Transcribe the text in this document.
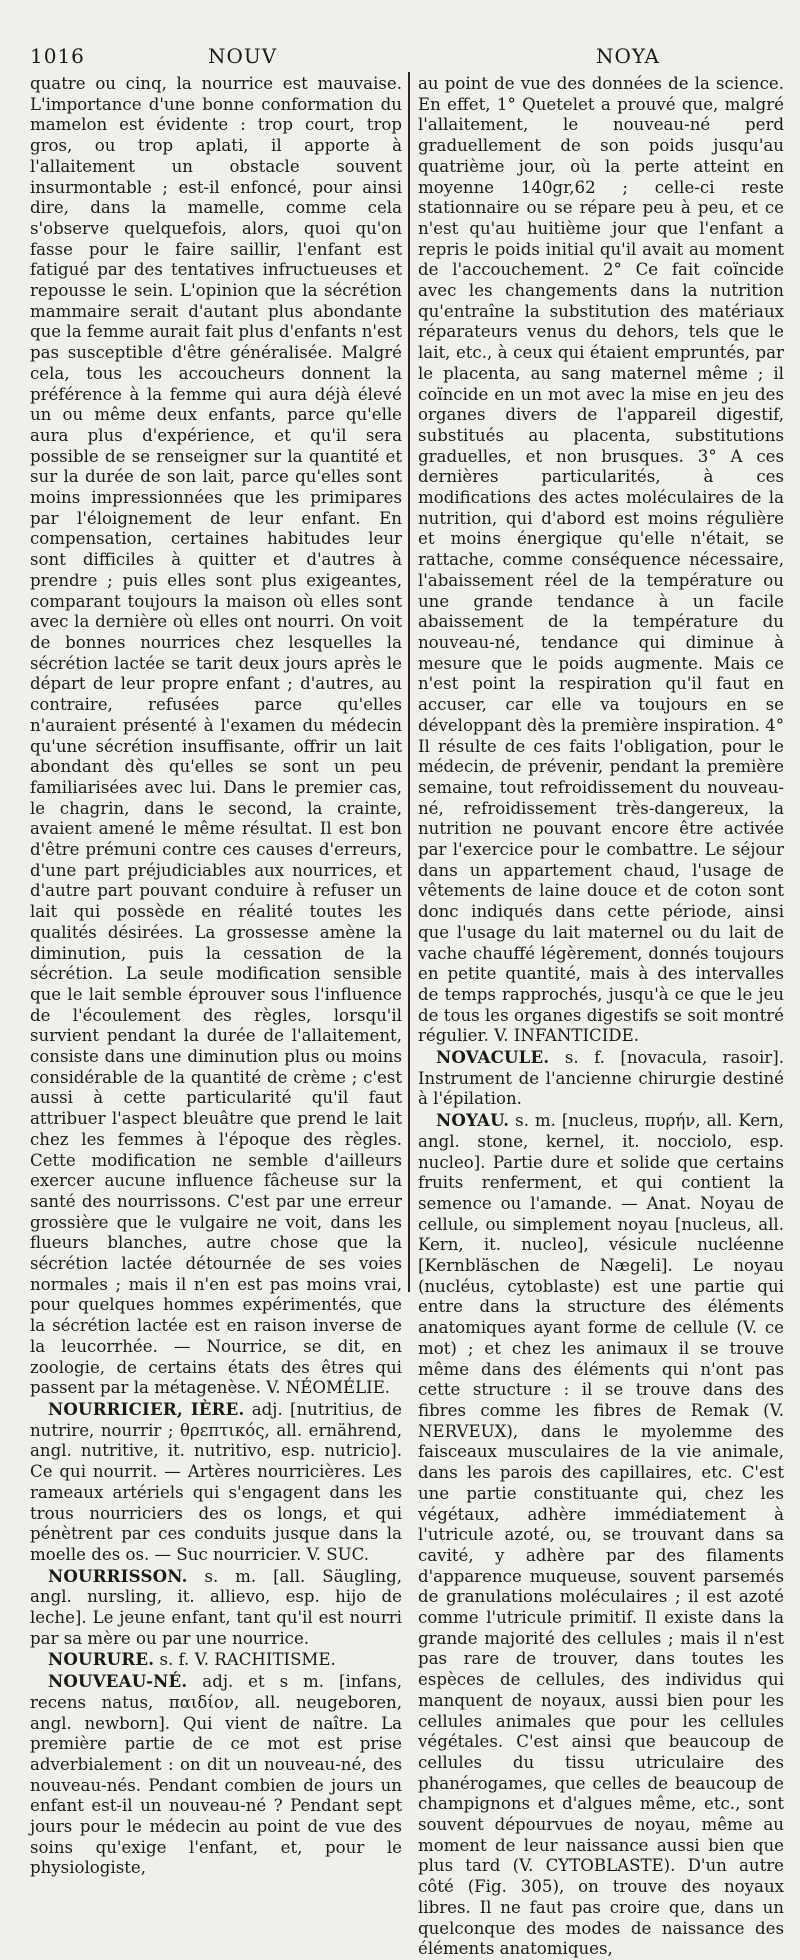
1016	NOUV	NOYA

quatre ou cinq, la nourrice est mauvaise. L'importance d'une bonne conformation du mamelon est évidente : trop court, trop gros, ou trop aplati, il apporte à l'allaitement un obstacle souvent insurmontable ; est-il enfoncé, pour ainsi dire, dans la mamelle, comme cela s'observe quelquefois, alors, quoi qu'on fasse pour le faire saillir, l'enfant est fatigué par des tentatives infructueuses et repousse le sein. L'opinion que la sécrétion mammaire serait d'autant plus abondante que la femme aurait fait plus d'enfants n'est pas susceptible d'être généralisée. Malgré cela, tous les accoucheurs donnent la préférence à la femme qui aura déjà élevé un ou même deux enfants, parce qu'elle aura plus d'expérience, et qu'il sera possible de se renseigner sur la quantité et sur la durée de son lait, parce qu'elles sont moins impressionnées que les primipares par l'éloignement de leur enfant. En compensation, certaines habitudes leur sont difficiles à quitter et d'autres à prendre ; puis elles sont plus exigeantes, comparant toujours la maison où elles sont avec la dernière où elles ont nourri. On voit de bonnes nourrices chez lesquelles la sécrétion lactée se tarit deux jours après le départ de leur propre enfant ; d'autres, au contraire, refusées parce qu'elles n'auraient présenté à l'examen du médecin qu'une sécrétion insuffisante, offrir un lait abondant dès qu'elles se sont un peu familiarisées avec lui. Dans le premier cas, le chagrin, dans le second, la crainte, avaient amené le même résultat. Il est bon d'être prémuni contre ces causes d'erreurs, d'une part préjudiciables aux nourrices, et d'autre part pouvant conduire à refuser un lait qui possède en réalité toutes les qualités désirées. La grossesse amène la diminution, puis la cessation de la sécrétion. La seule modification sensible que le lait semble éprouver sous l'influence de l'écoulement des règles, lorsqu'il survient pendant la durée de l'allaitement, consiste dans une diminution plus ou moins considérable de la quantité de crème ; c'est aussi à cette particularité qu'il faut attribuer l'aspect bleuâtre que prend le lait chez les femmes à l'époque des règles. Cette modification ne semble d'ailleurs exercer aucune influence fâcheuse sur la santé des nourrissons. C'est par une erreur grossière que le vulgaire ne voit, dans les flueurs blanches, autre chose que la sécrétion lactée détournée de ses voies normales ; mais il n'en est pas moins vrai, pour quelques hommes expérimentés, que la sécrétion lactée est en raison inverse de la leucorrhée. — Nourrice, se dit, en zoologie, de certains états des êtres qui passent par la métagenèse. V. NÉOMÉLIE.

NOURRICIER, IÈRE. adj. [nutritius, de nutrire, nourrir ; θρεπτικός, all. ernährend, angl. nutritive, it. nutritivo, esp. nutricio]. Ce qui nourrit. — Artères nourricières. Les rameaux artériels qui s'engagent dans les trous nourriciers des os longs, et qui pénètrent par ces conduits jusque dans la moelle des os. — Suc nourricier. V. SUC.

NOURRISSON. s. m. [all. Säugling, angl. nursling, it. allievo, esp. hijo de leche]. Le jeune enfant, tant qu'il est nourri par sa mère ou par une nourrice.

NOURURE. s. f. V. RACHITISME.

NOUVEAU-NÉ. adj. et s m. [infans, recens natus, παιδίον, all. neugeboren, angl. newborn]. Qui vient de naître. La première partie de ce mot est prise adverbialement : on dit un nouveau-né, des nouveau-nés. Pendant combien de jours un enfant est-il un nouveau-né ? Pendant sept jours pour le médecin au point de vue des soins qu'exige l'enfant, et, pour le physiologiste,

au point de vue des données de la science. En effet, 1° Quetelet a prouvé que, malgré l'allaitement, le nouveau-né perd graduellement de son poids jusqu'au quatrième jour, où la perte atteint en moyenne 140gr,62 ; celle-ci reste stationnaire ou se répare peu à peu, et ce n'est qu'au huitième jour que l'enfant a repris le poids initial qu'il avait au moment de l'accouchement. 2° Ce fait coïncide avec les changements dans la nutrition qu'entraîne la substitution des matériaux réparateurs venus du dehors, tels que le lait, etc., à ceux qui étaient empruntés, par le placenta, au sang maternel même ; il coïncide en un mot avec la mise en jeu des organes divers de l'appareil digestif, substitués au placenta, substitutions graduelles, et non brusques. 3° A ces dernières particularités, à ces modifications des actes moléculaires de la nutrition, qui d'abord est moins régulière et moins énergique qu'elle n'était, se rattache, comme conséquence nécessaire, l'abaissement réel de la température ou une grande tendance à un facile abaissement de la température du nouveau-né, tendance qui diminue à mesure que le poids augmente. Mais ce n'est point la respiration qu'il faut en accuser, car elle va toujours en se développant dès la première inspiration. 4° Il résulte de ces faits l'obligation, pour le médecin, de prévenir, pendant la première semaine, tout refroidissement du nouveau-né, refroidissement très-dangereux, la nutrition ne pouvant encore être activée par l'exercice pour le combattre. Le séjour dans un appartement chaud, l'usage de vêtements de laine douce et de coton sont donc indiqués dans cette période, ainsi que l'usage du lait maternel ou du lait de vache chauffé légèrement, donnés toujours en petite quantité, mais à des intervalles de temps rapprochés, jusqu'à ce que le jeu de tous les organes digestifs se soit montré régulier. V. INFANTICIDE.

NOVACULE. s. f. [novacula, rasoir]. Instrument de l'ancienne chirurgie destiné à l'épilation.

NOYAU. s. m. [nucleus, πυρήν, all. Kern, angl. stone, kernel, it. nocciolo, esp. nucleo]. Partie dure et solide que certains fruits renferment, et qui contient la semence ou l'amande. — Anat. Noyau de cellule, ou simplement noyau [nucleus, all. Kern, it. nucleo], vésicule nucléenne [Kernbläschen de Nægeli]. Le noyau (nucléus, cytoblaste) est une partie qui entre dans la structure des éléments anatomiques ayant forme de cellule (V. ce mot) ; et chez les animaux il se trouve même dans des éléments qui n'ont pas cette structure : il se trouve dans des fibres comme les fibres de Remak (V. NERVEUX), dans le myolemme des faisceaux musculaires de la vie animale, dans les parois des capillaires, etc. C'est une partie constituante qui, chez les végétaux, adhère immédiatement à l'utricule azoté, ou, se trouvant dans sa cavité, y adhère par des filaments d'apparence muqueuse, souvent parsemés de granulations moléculaires ; il est azoté comme l'utricule primitif. Il existe dans la grande majorité des cellules ; mais il n'est pas rare de trouver, dans toutes les espèces de cellules, des individus qui manquent de noyaux, aussi bien pour les cellules animales que pour les cellules végétales. C'est ainsi que beaucoup de cellules du tissu utriculaire des phanérogames, que celles de beaucoup de champignons et d'algues même, etc., sont souvent dépourvues de noyau, même au moment de leur naissance aussi bien que plus tard (V. CYTOBLASTE). D'un autre côté (Fig. 305), on trouve des noyaux libres. Il ne faut pas croire que, dans un quelconque des modes de naissance des éléments anatomiques,
